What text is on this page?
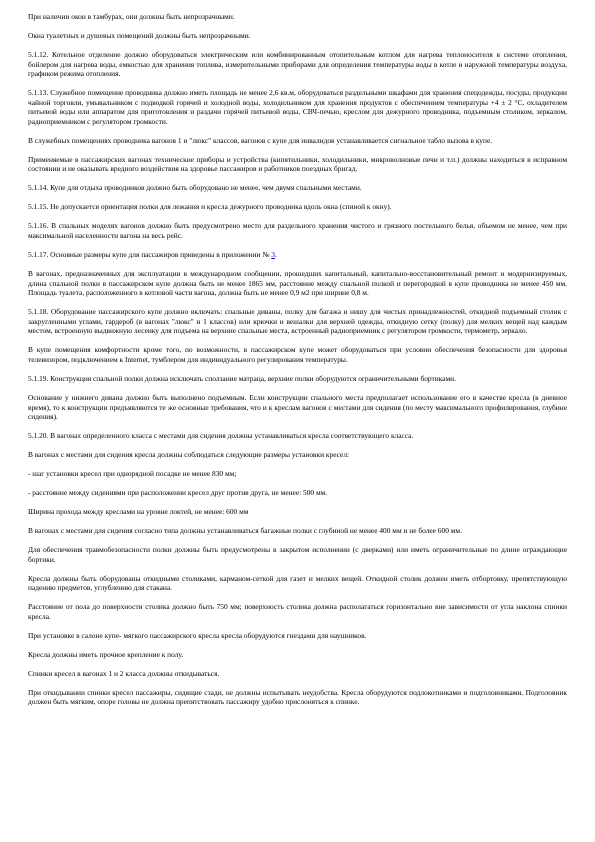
При наличии окон в тамбурах, они должны быть непрозрачными.

Окна туалетных и душевых помещений должны быть непрозрачными.

5.1.12. Котельное отделение должно оборудоваться электрическим или комбинированным отопительным котлом для нагрева теплоносителя в системе отопления, бойлером для нагрева воды, емкостью для хранения топлива, измерительными приборами для определения температуры воды в котле и наружной температуры воздуха, графиком режима отопления.

5.1.13. Служебное помещение проводника должно иметь площадь не менее 2,6 кв.м, оборудоваться раздельными шкафами для хранения спецодежды, посуды, продукции чайной торговли, умывальником с подводкой горячей и холодной воды, холодильником для хранения продуктов с обеспечением температуры +4 ± 2 °С, охладителем питьевой воды или аппаратом для приготовления и раздачи горячей питьевой воды, СВЧ-печью, креслом для дежурного проводника, подъемным столиком, зеркалом, радиоприемником с регулятором громкости.

В служебных помещениях проводника вагонов 1 и "люкс" классов, вагонов с купе для инвалидов устанавливается сигнальное табло вызова в купе.

Применяемые в пассажирских вагонах технические приборы и устройства (кипятильники, холодильники, микроволновые печи и т.п.) должны находиться в исправном состоянии и не оказывать вредного воздействия на здоровье пассажиров и работников поездных бригад.

5.1.14. Купе для отдыха проводников должно быть оборудовано не менее, чем двумя спальными местами.

5.1.15. Не допускается ориентация полки для лежания и кресла дежурного проводника вдоль окна (спиной к окну).

5.1.16. В спальных моделях вагонов должно быть предусмотрено место для раздельного хранения чистого и грязного постельного белья, объемом не менее, чем при максимальной населенности вагона на весь рейс.

5.1.17. Основные размеры купе для пассажиров приведены в приложении № 3.

В вагонах, предназначенных для эксплуатации в международном сообщении, прошедших капитальный, капитально-восстановительный ремонт и модернизируемых, длина спальной полки в пассажирском купе должна быть не менее 1865 мм, расстояние между спальной полкой и перегородкой в купе проводника не менее 450 мм. Площадь туалета, расположенного в котловой части вагона, должна быть не менее 0,9 м2 при ширине 0,8 м.

5.1.18. Оборудование пассажирского купе должно включать: спальные диваны, полку для багажа и нишу для чистых принадлежностей, откидной подъемный столик с закругленными углами, гардероб (в вагонах "люкс" и 1 классов) или крючки и вешалки для верхней одежды, откидную сетку (полку) для мелких вещей над каждым местом, встроенную выдвижную лесенку для подъема на верхние спальные места, встроенный радиоприемник с регулятором громкости, термометр, зеркало.

В купе помещения комфортности кроме того, по возможности, в пассажирском купе может оборудоваться при условии обеспечения безопасности для здоровья телевизором, подключением к Internet, тумблером для индивидуального регулирования температуры.

5.1.19. Конструкция спальной полки должна исключать сползание матраца, верхние полки оборудуются ограничительными бортиками.

Основание у нижнего дивана должно быть выполнено подъемным. Если конструкции спального места предполагает использование его в качестве кресла (в дневное время), то к конструкции предъявляются те же основные требования, что и к креслам вагонов с местами для сидения (по месту максимального профилирования, глубине сидения).

5.1.20. В вагонах определенного класса с местами для сидения должны устанавливаться кресла соответствующего класса.

В вагонах с местами для сидения кресла должны соблюдаться следующие размеры установки кресел:

- шаг установки кресел при однорядной посадке не менее 830 мм;

- расстояние между сидениями при расположении кресел друг против друга, не менее: 500 мм.

Ширина прохода между креслами на уровне локтей, не менее: 600 мм

В вагонах с местами для сидения согласно типа должны устанавливаться багажные полки с глубиной не менее 400 мм и не более 600 мм.

Для обеспечения травмобезопасности полки должны быть предусмотрены в закрытом исполнении (с дверками) или иметь ограничительные по длине ограждающие бортики.

Кресла должны быть оборудованы откидными столиками, карманом-сеткой для газет и мелких вещей. Откидной столик должен иметь отбортовку, препятствующую падению предметов, углублению для стакана.

Расстояние от пола до поверхности столика должно быть 750 мм; поверхность столика должна располагаться горизонтально вне зависимости от угла наклона спинки кресла.

При установке в салоне купе- мягкого пассажирского кресла кресла оборудуются гнездами для наушников.

Кресла должны иметь прочное крепление к полу.

Спинки кресел в вагонах 1 и 2 класса должны откидываться.

При откидывании спинки кресел пассажиры, сидящие сзади, не должны испытывать неудобства. Кресла оборудуются подлокотниками и подголовниками. Подголовник должен быть мягким, опоре головы не должна препятствовать пассажиру удобно прислоняться к спинке.
